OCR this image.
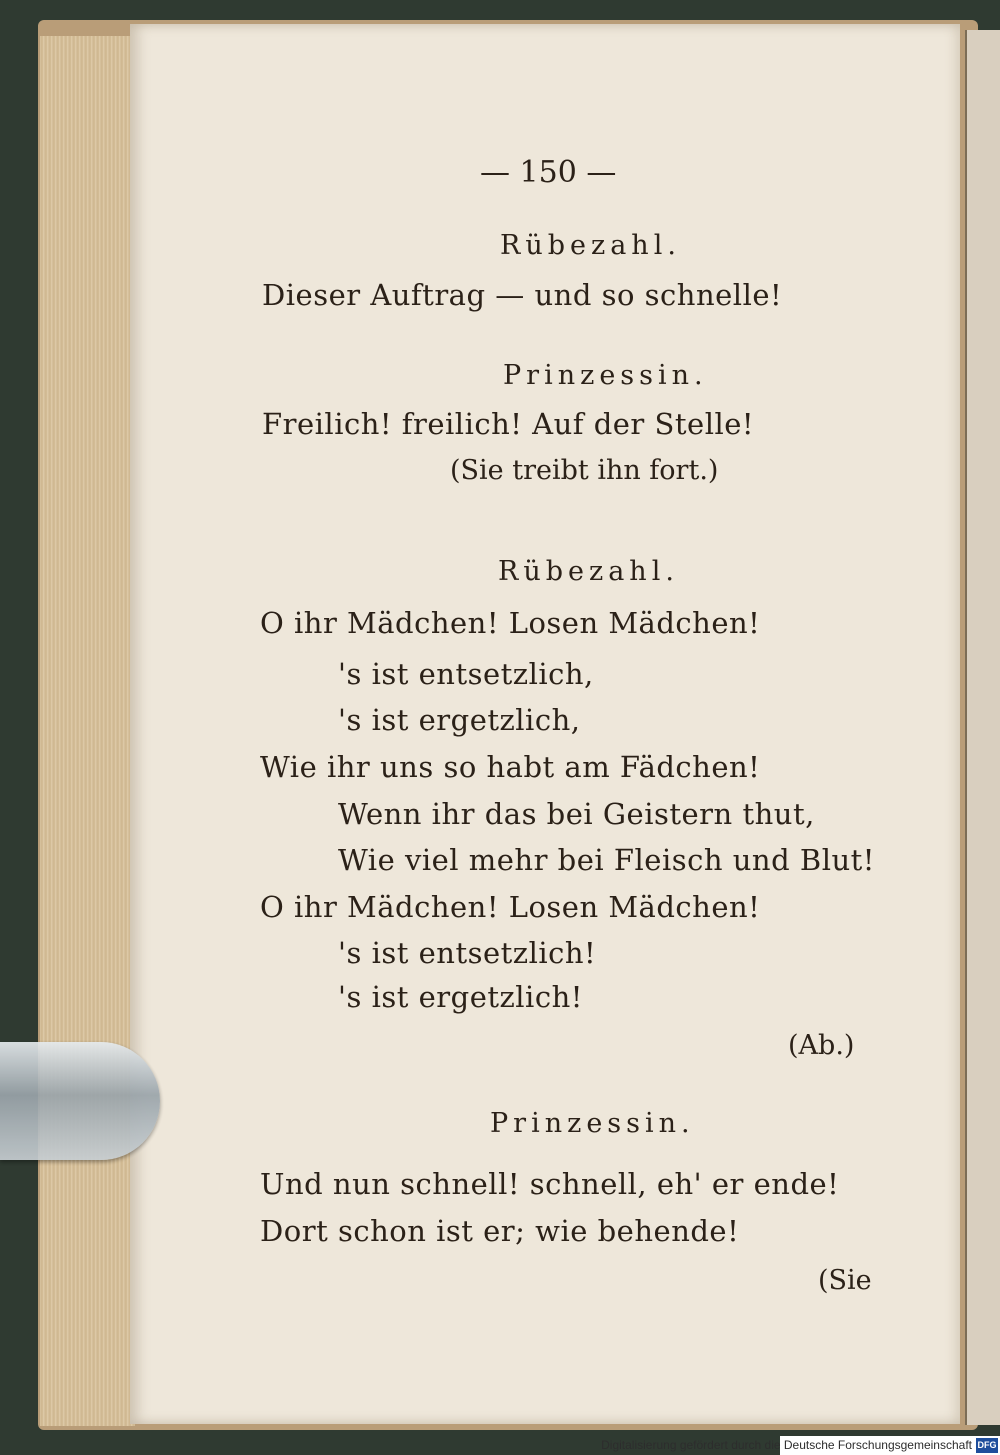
— 150 —
Rübezahl.
Dieser Auftrag — und so schnelle!
Prinzessin.
Freilich! freilich! Auf der Stelle!
(Sie treibt ihn fort.)
Rübezahl.
O ihr Mädchen! Losen Mädchen!
's ist entsetzlich,
's ist ergetzlich,
Wie ihr uns so habt am Fädchen!
Wenn ihr das bei Geistern thut,
Wie viel mehr bei Fleisch und Blut!
O ihr Mädchen! Losen Mädchen!
's ist entsetzlich!
's ist ergetzlich!
(Ab.)
Prinzessin.
Und nun schnell! schnell, eh' er ende!
Dort schon ist er; wie behende!
(Sie
Digitalisierung gefördert durch die Deutsche Forschungsgemeinschaft DFG
